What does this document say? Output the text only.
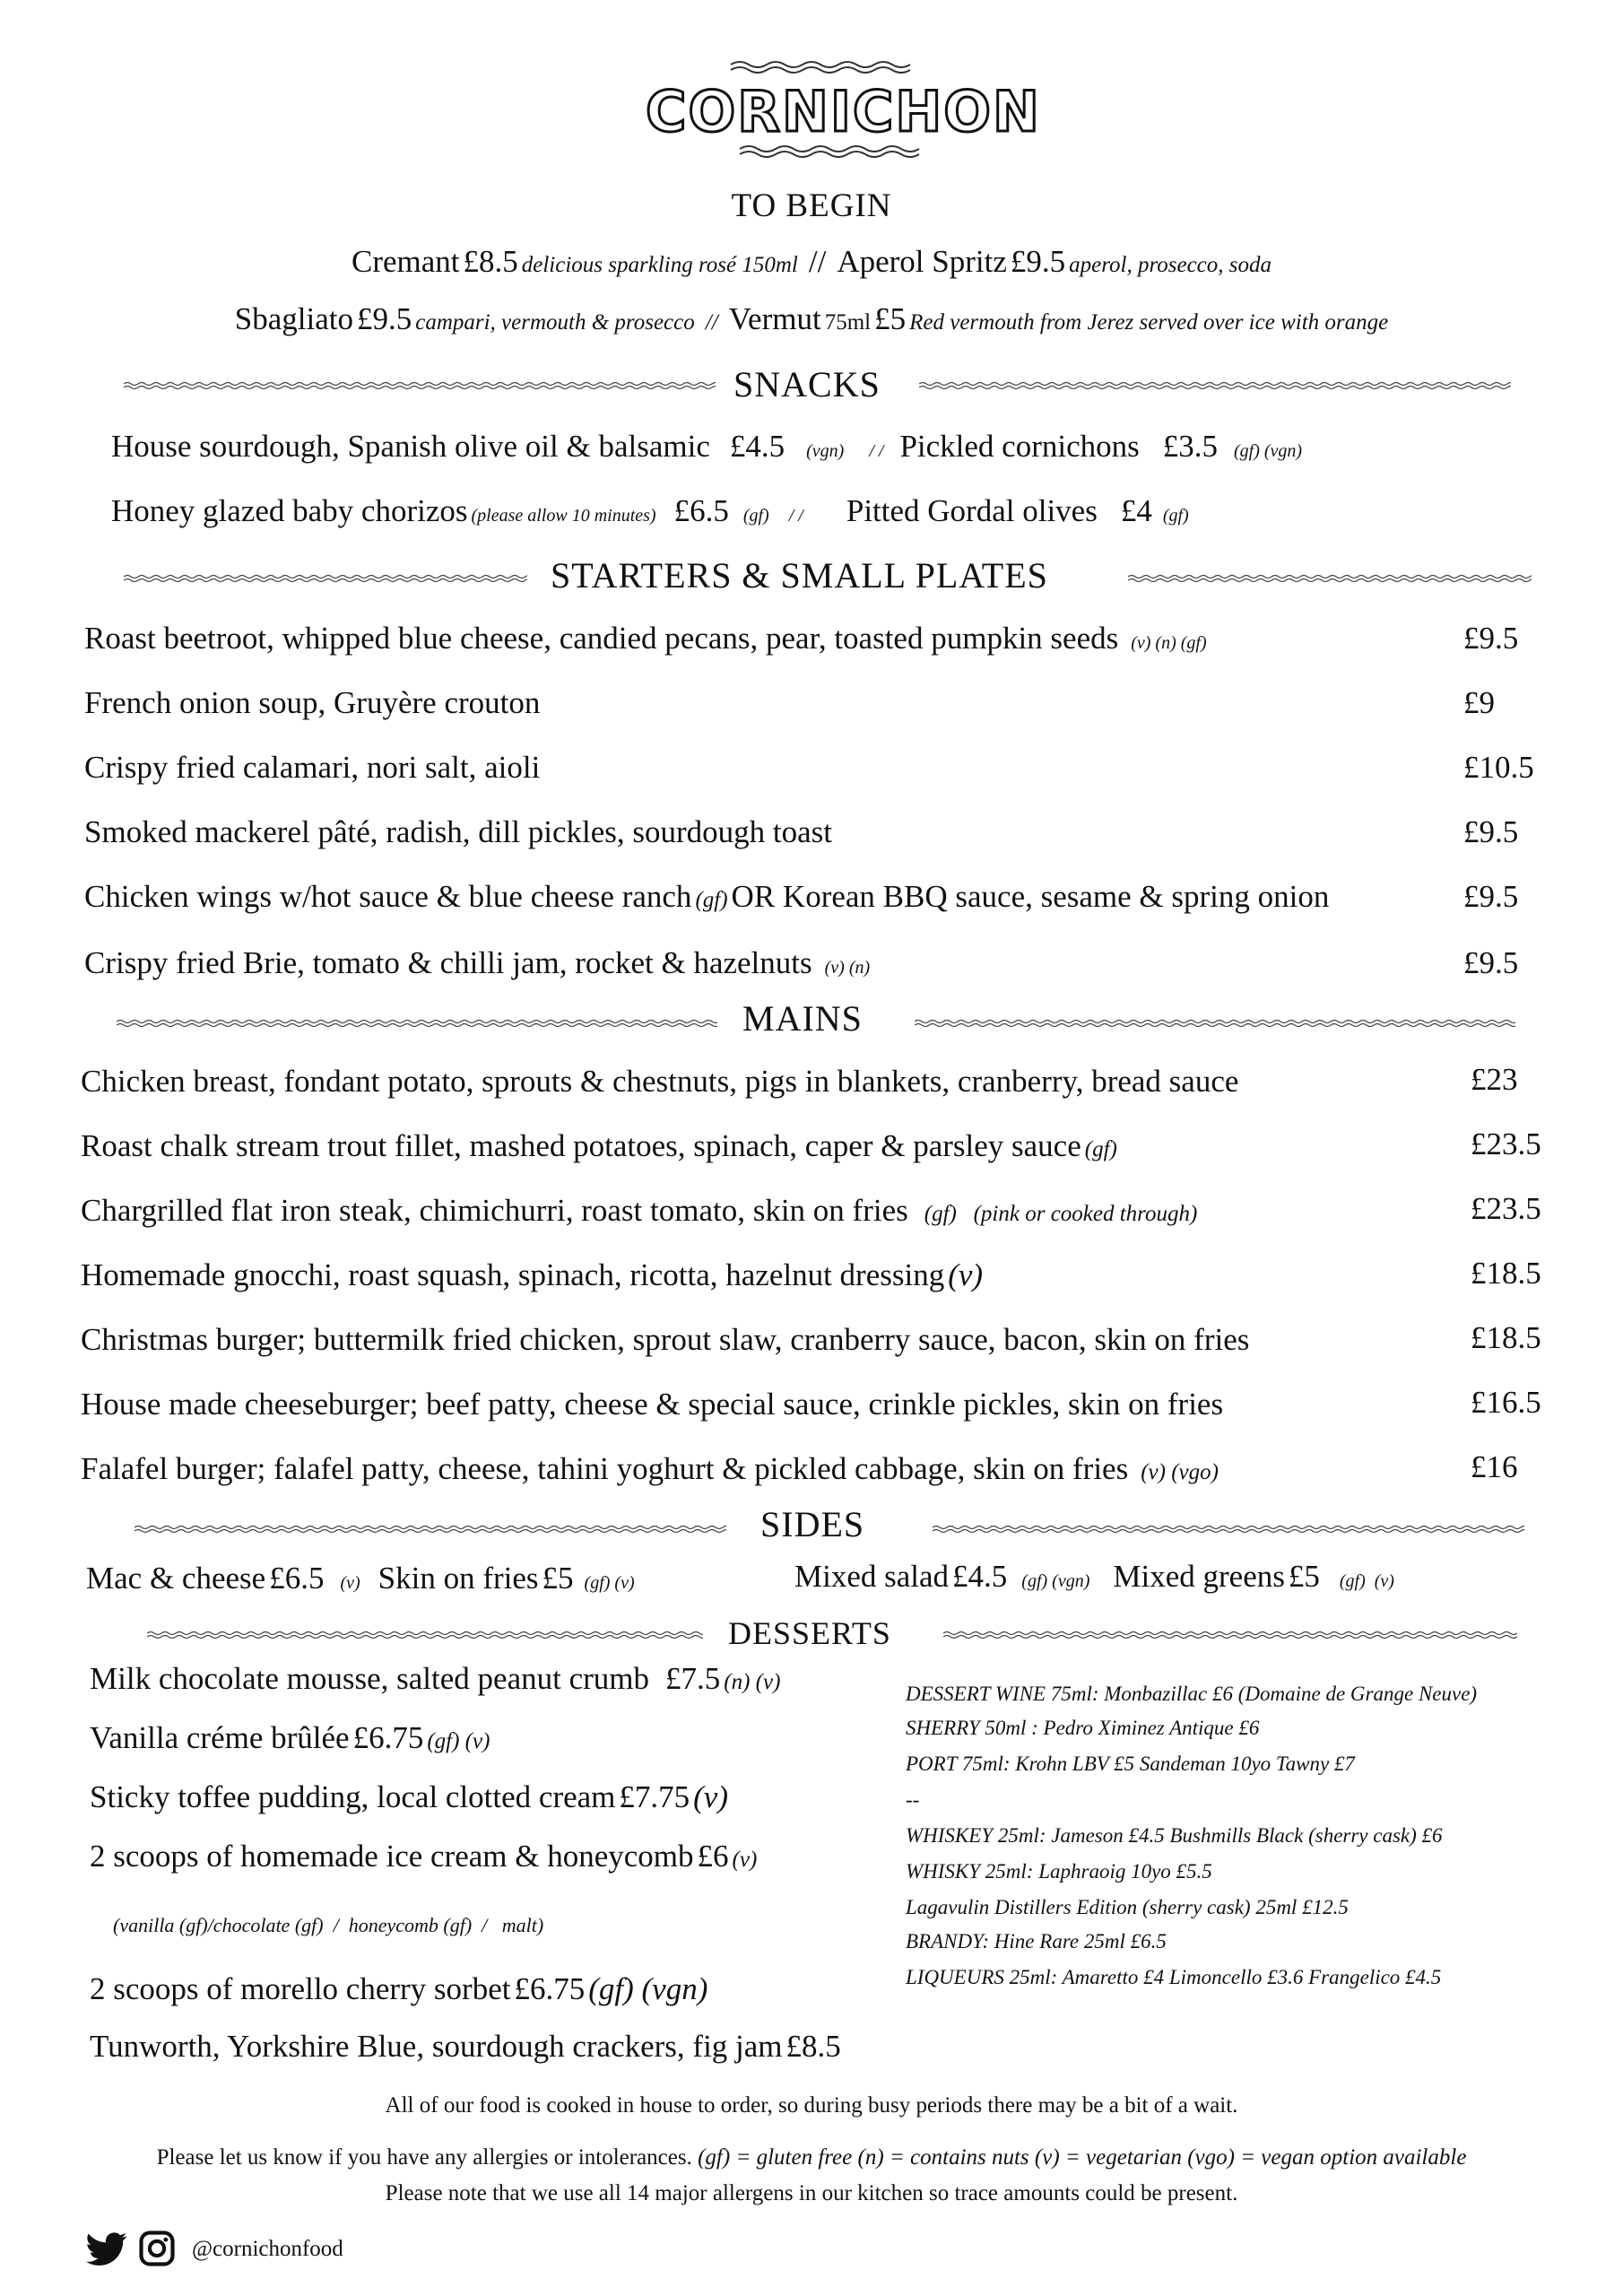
CORNICHON
TO BEGIN
Cremant £8.5 delicious sparkling rosé 150ml // Aperol Spritz £9.5 aperol, prosecco, soda
Sbagliato £9.5 campari, vermouth & prosecco // Vermut 75ml £5 Red vermouth from Jerez served over ice with orange
SNACKS
House sourdough, Spanish olive oil & balsamic £4.5 (vgn) / / Pickled cornichons £3.5 (gf) (vgn)
Honey glazed baby chorizos (please allow 10 minutes) £6.5 (gf) / / Pitted Gordal olives £4 (gf)
STARTERS & SMALL PLATES
Roast beetroot, whipped blue cheese, candied pecans, pear, toasted pumpkin seeds (v) (n) (gf)	£9.5
French onion soup, Gruyère crouton	£9
Crispy fried calamari, nori salt, aioli	£10.5
Smoked mackerel pâté, radish, dill pickles, sourdough toast	£9.5
Chicken wings w/hot sauce & blue cheese ranch (gf) OR Korean BBQ sauce, sesame & spring onion	£9.5
Crispy fried Brie, tomato & chilli jam, rocket & hazelnuts (v) (n)	£9.5
MAINS
Chicken breast, fondant potato, sprouts & chestnuts, pigs in blankets, cranberry, bread sauce	£23
Roast chalk stream trout fillet, mashed potatoes, spinach, caper & parsley sauce (gf)	£23.5
Chargrilled flat iron steak, chimichurri, roast tomato, skin on fries (gf)   (pink or cooked through)	£23.5
Homemade gnocchi, roast squash, spinach, ricotta, hazelnut dressing (v)	£18.5
Christmas burger; buttermilk fried chicken, sprout slaw, cranberry sauce, bacon, skin on fries	£18.5
House made cheeseburger; beef patty, cheese & special sauce, crinkle pickles, skin on fries	£16.5
Falafel burger; falafel patty, cheese, tahini yoghurt & pickled cabbage, skin on fries (v) (vgo)	£16
SIDES
Mac & cheese £6.5 (v) Skin on fries £5 (gf) (v)	Mixed salad £4.5 (gf) (vgn) Mixed greens £5 (gf)  (v)
DESSERTS
Milk chocolate mousse, salted peanut crumb £7.5 (n) (v)
Vanilla créme brûlée £6.75 (gf) (v)
Sticky toffee pudding, local clotted cream £7.75 (v)
2 scoops of homemade ice cream & honeycomb £6 (v)
(vanilla (gf)/chocolate (gf)  /  honeycomb (gf)  /   malt)
2 scoops of morello cherry sorbet £6.75 (gf) (vgn)
Tunworth, Yorkshire Blue, sourdough crackers, fig jam £8.5
DESSERT WINE 75ml: Monbazillac £6 (Domaine de Grange Neuve)
SHERRY 50ml : Pedro Ximinez Antique £6
PORT 75ml: Krohn LBV £5 Sandeman 10yo Tawny £7
--
WHISKEY 25ml: Jameson £4.5 Bushmills Black (sherry cask) £6
WHISKY 25ml: Laphraoig 10yo £5.5
Lagavulin Distillers Edition (sherry cask) 25ml £12.5
BRANDY: Hine Rare 25ml £6.5
LIQUEURS 25ml: Amaretto £4 Limoncello £3.6 Frangelico £4.5
All of our food is cooked in house to order, so during busy periods there may be a bit of a wait.
Please let us know if you have any allergies or intolerances. (gf) = gluten free (n) = contains nuts (v) = vegetarian (vgo) = vegan option available
Please note that we use all 14 major allergens in our kitchen so trace amounts could be present.
@cornichonfood
